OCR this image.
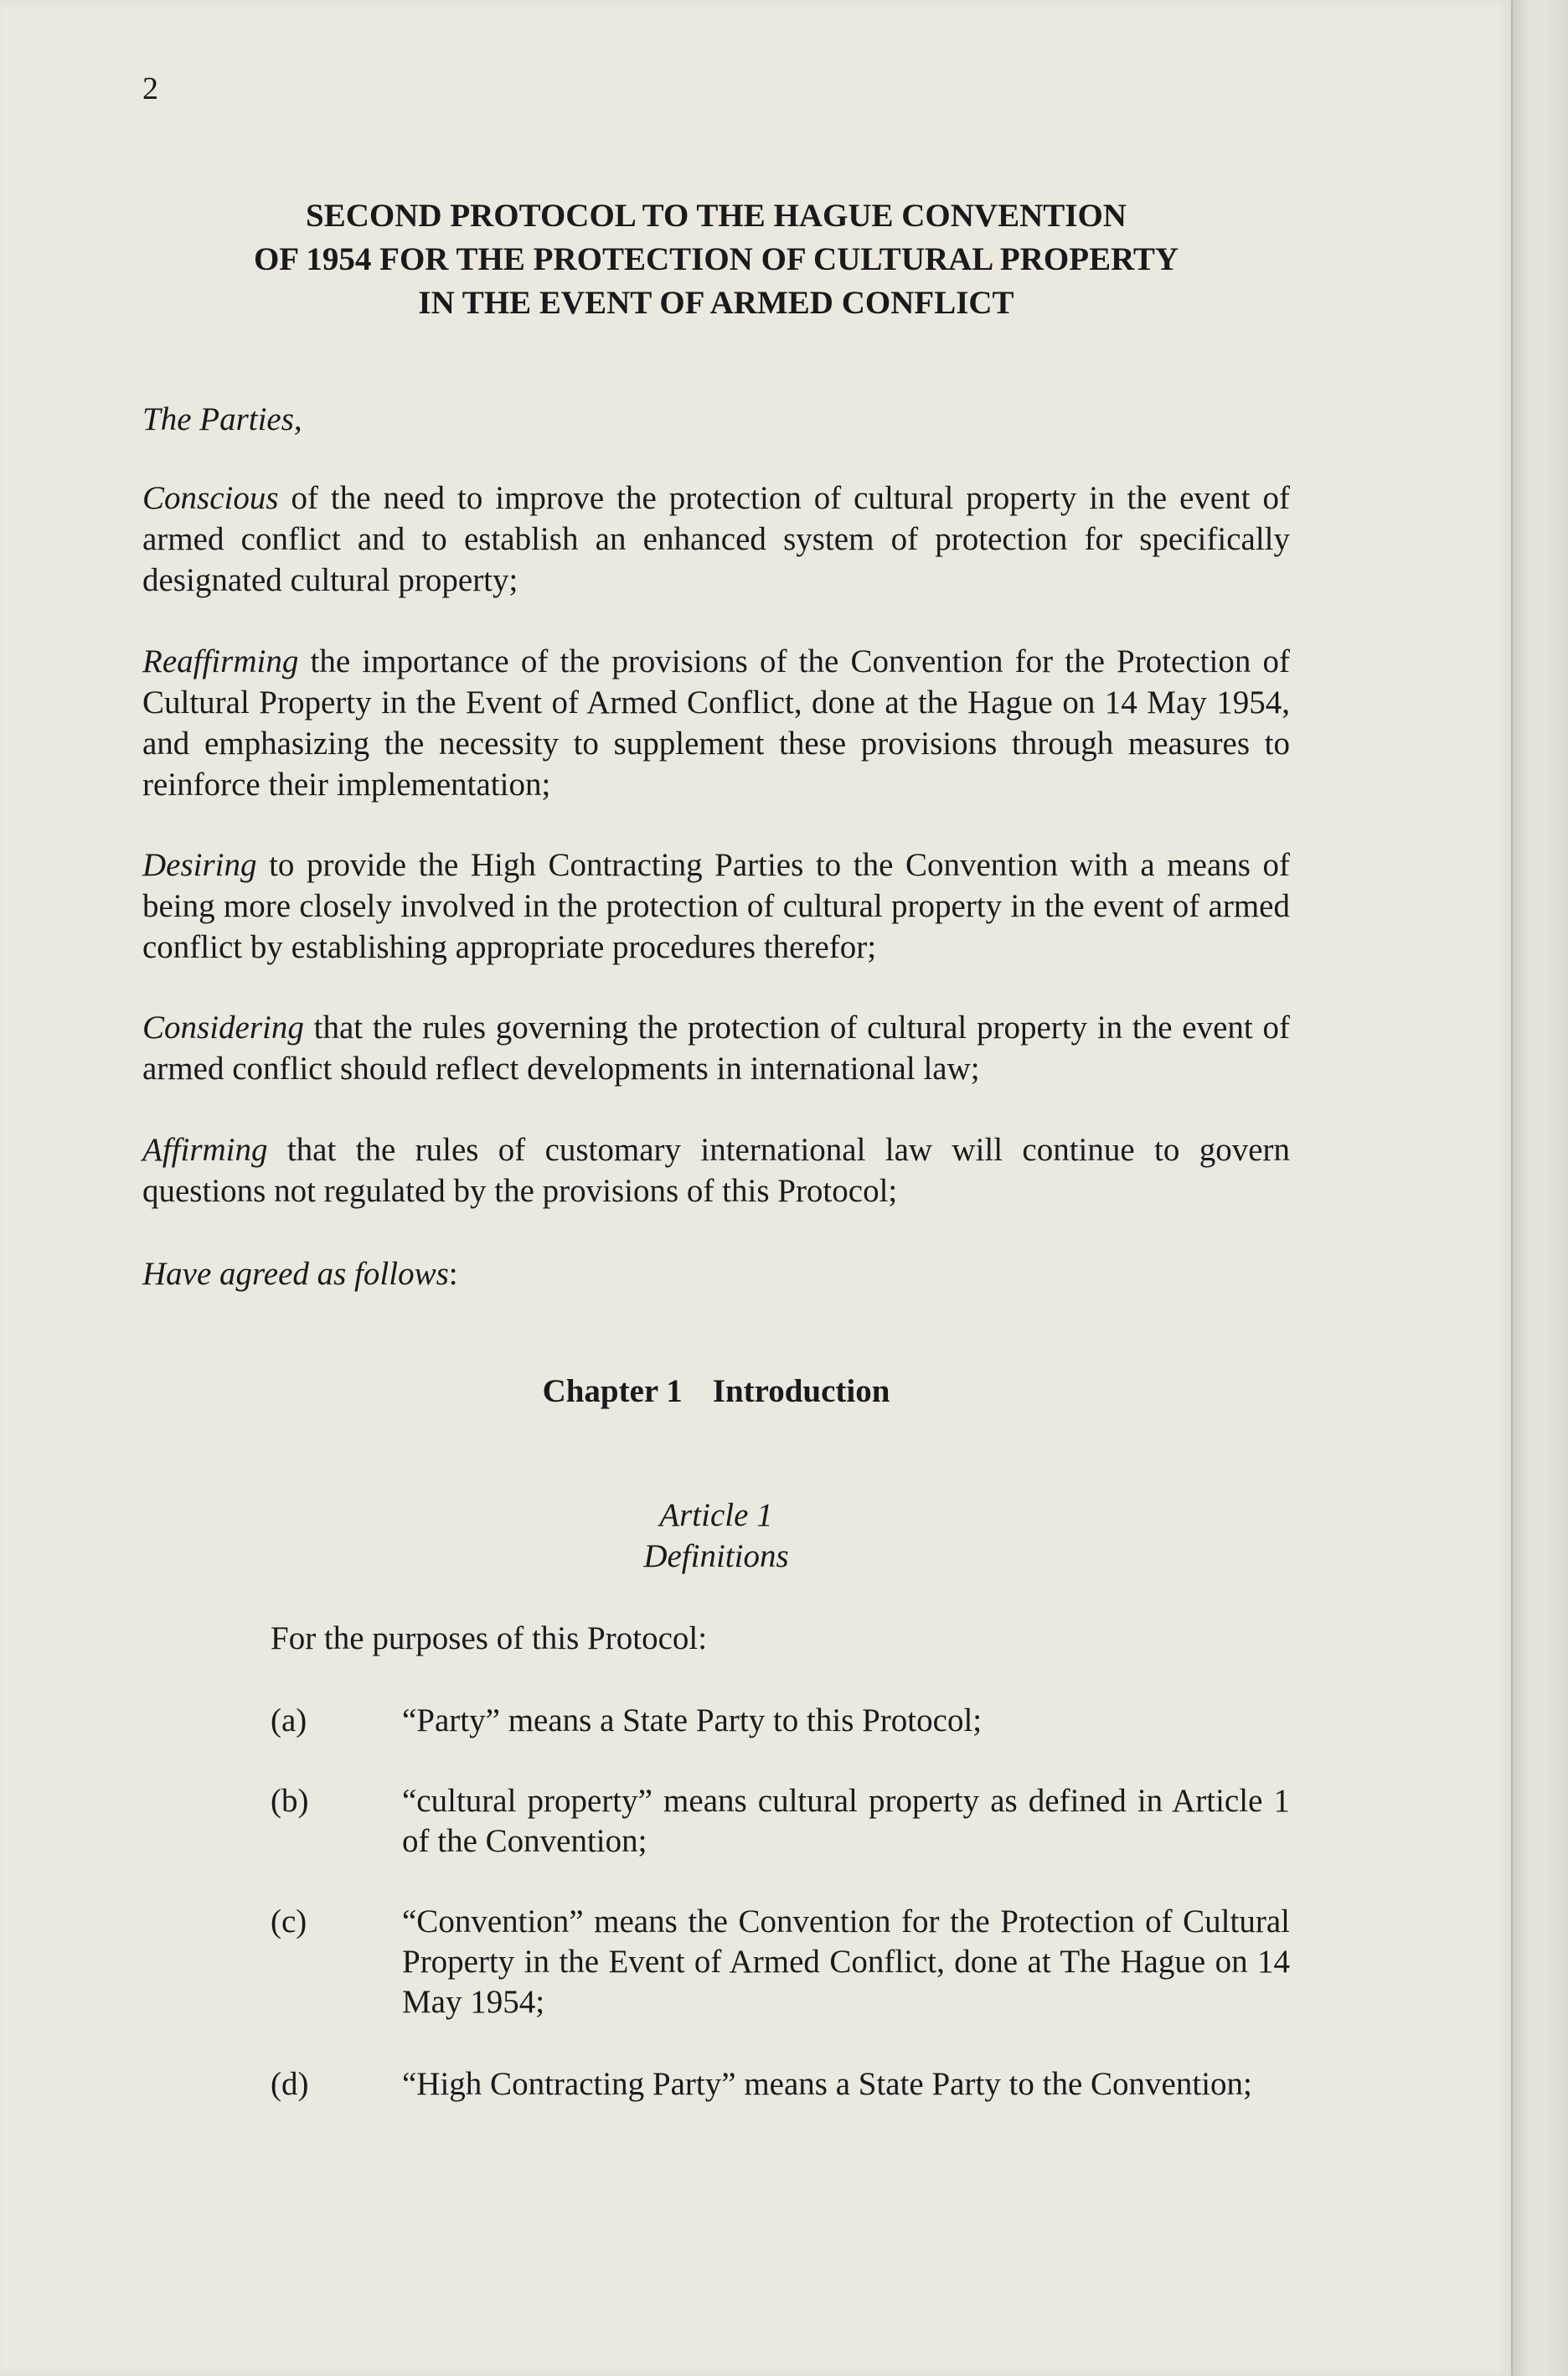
2
SECOND PROTOCOL TO THE HAGUE CONVENTION
OF 1954 FOR THE PROTECTION OF CULTURAL PROPERTY
IN THE EVENT OF ARMED CONFLICT
The Parties,
Conscious of the need to improve the protection of cultural property in the event of armed conflict and to establish an enhanced system of protection for specifically designated cultural property;
Reaffirming the importance of the provisions of the Convention for the Protection of Cultural Property in the Event of Armed Conflict, done at the Hague on 14 May 1954, and emphasizing the necessity to supplement these provisions through measures to reinforce their implementation;
Desiring to provide the High Contracting Parties to the Convention with a means of being more closely involved in the protection of cultural property in the event of armed conflict by establishing appropriate procedures therefor;
Considering that the rules governing the protection of cultural property in the event of armed conflict should reflect developments in international law;
Affirming that the rules of customary international law will continue to govern questions not regulated by the provisions of this Protocol;
Have agreed as follows:
Chapter 1 Introduction
Article 1
Definitions
For the purposes of this Protocol:
(a)	“Party” means a State Party to this Protocol;
(b)	“cultural property” means cultural property as defined in Article 1 of the Convention;
(c)	“Convention” means the Convention for the Protection of Cultural Property in the Event of Armed Conflict, done at The Hague on 14 May 1954;
(d)	“High Contracting Party” means a State Party to the Convention;
